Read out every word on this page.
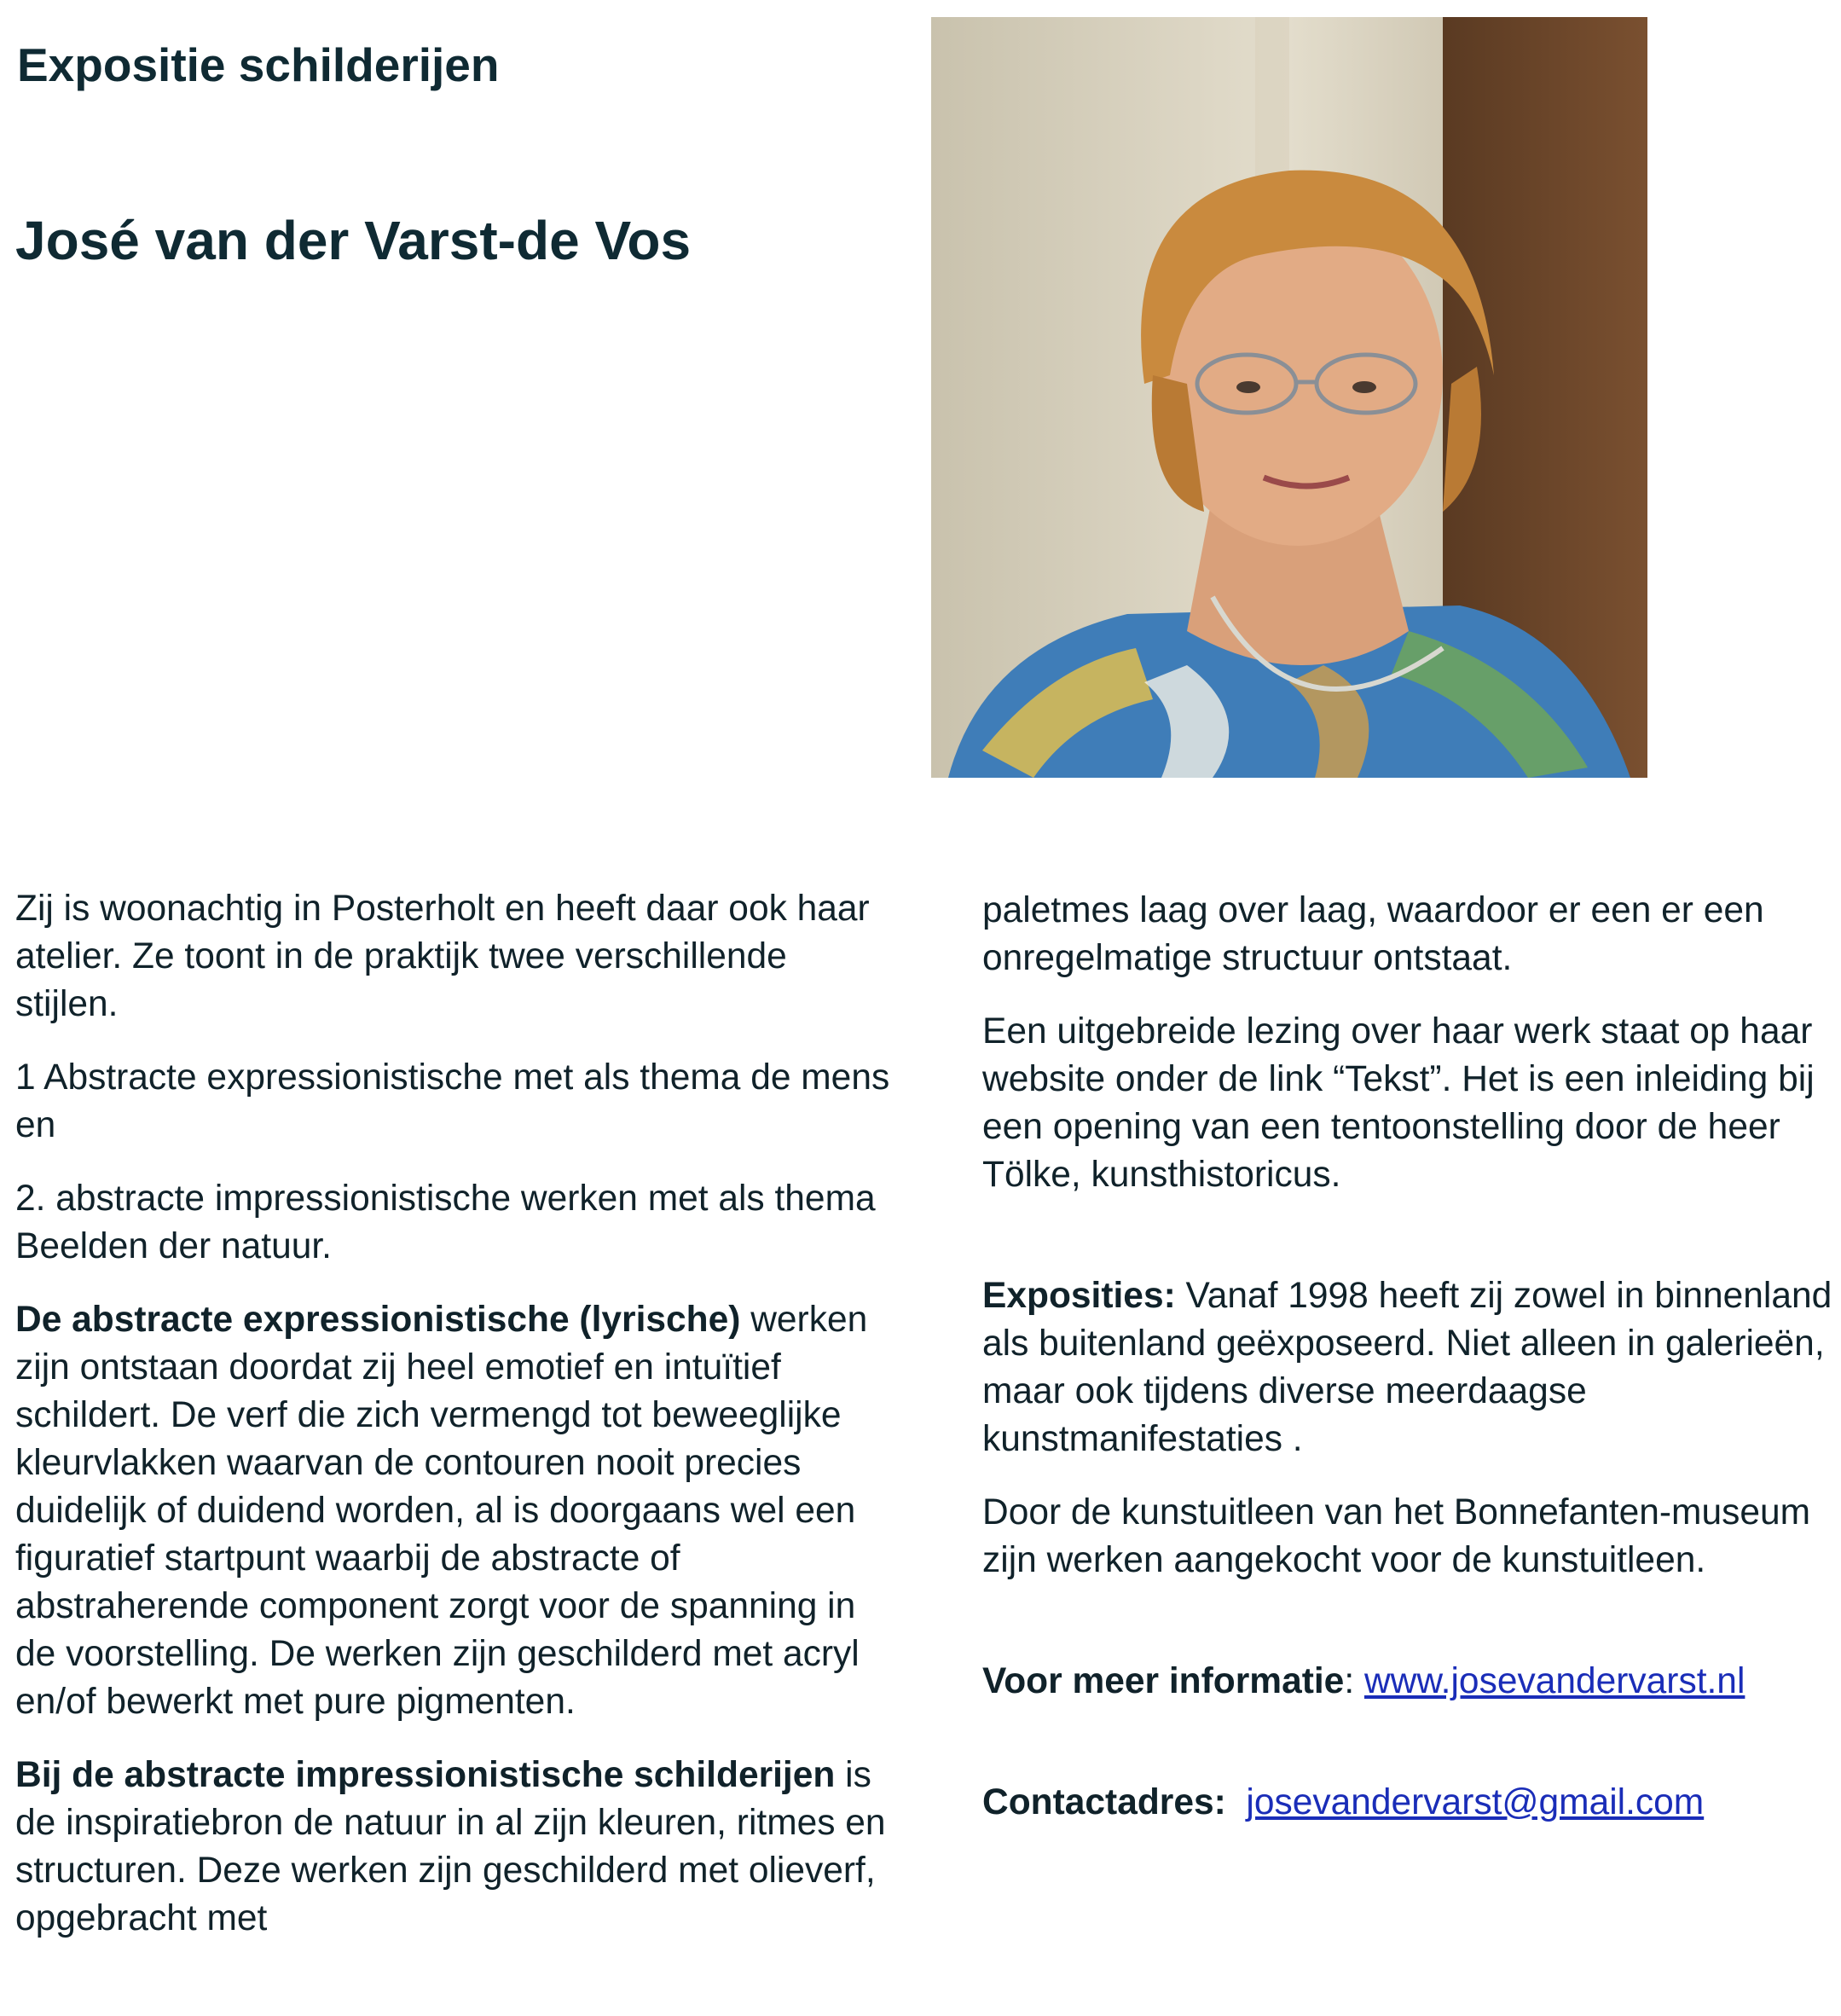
Expositie schilderijen
José van der Varst-de Vos

Zij is woonachtig in Posterholt en heeft daar ook haar atelier. Ze toont in de praktijk twee verschillende stijlen.

1 Abstracte expressionistische met als thema de mens en

2. abstracte impressionistische werken met als thema Beelden der natuur.

De abstracte expressionistische (lyrische) werken zijn ontstaan doordat zij heel emotief en intuïtief schildert. De verf die zich vermengd tot beweeglijke kleurvlakken waarvan de contouren nooit precies duidelijk of duidend worden, al is doorgaans wel een figuratief startpunt waarbij de abstracte of abstraherende component zorgt voor de spanning in de voorstelling. De werken zijn geschilderd met acryl en/of bewerkt met pure pigmenten.

Bij de abstracte impressionistische schilderijen is de inspiratiebron de natuur in al zijn kleuren, ritmes en structuren. Deze werken zijn geschilderd met olieverf, opgebracht met

paletmes laag over laag, waardoor er een er een onregelmatige structuur ontstaat.

Een uitgebreide lezing over haar werk staat op haar website onder de link “Tekst”. Het is een inleiding bij een opening van een tentoonstelling door de heer Tölke, kunsthistoricus.

Exposities: Vanaf 1998 heeft zij zowel in binnenland als buitenland geëxposeerd. Niet alleen in galerieën, maar ook tijdens diverse meerdaagse kunstmanifestaties .

Door de kunstuitleen van het Bonnefanten-museum zijn werken aangekocht voor de kunstuitleen.

Voor meer informatie: www.josevandervarst.nl

Contactadres: josevandervarst@gmail.com
